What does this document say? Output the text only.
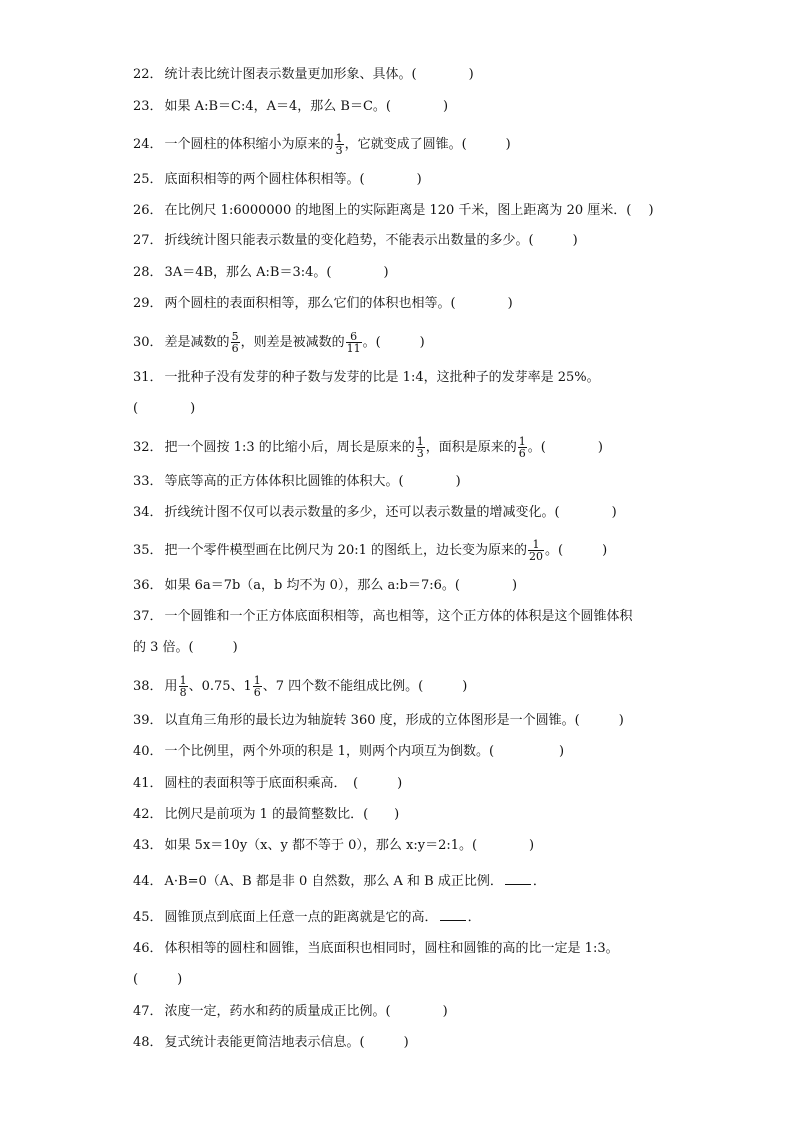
22． 统计表比统计图表示数量更加形象、具体。(　　　　)
23． 如果 A:B＝C:4，A＝4，那么 B＝C。(　　　　)
24． 一个圆柱的体积缩小为原来的 $\frac{1}{3}$ ，它就变成了圆锥。(　　　)
25． 底面积相等的两个圆柱体积相等。(　　　　)
26． 在比例尺 1:6000000 的地图上的实际距离是 120 千米，图上距离为 20 厘米．(　 )
27． 折线统计图只能表示数量的变化趋势，不能表示出数量的多少。(　　　)
28． 3A＝4B，那么 A:B＝3:4。(　　　　)
29． 两个圆柱的表面积相等，那么它们的体积也相等。(　　　　)
30． 差是减数的 $\frac{5}{6}$ ，则差是被减数的 $\frac{6}{11}$ 。(　　　)
31． 一批种子没有发芽的种子数与发芽的比是 1:4，这批种子的发芽率是 25%。
(　　　　)
32． 把一个圆按 1:3 的比缩小后，周长是原来的 $\frac{1}{3}$ ，面积是原来的 $\frac{1}{6}$ 。(　　　　)
33． 等底等高的正方体体积比圆锥的体积大。(　　　　)
34． 折线统计图不仅可以表示数量的多少，还可以表示数量的增减变化。(　　　　)
35． 把一个零件模型画在比例尺为 20:1 的图纸上，边长变为原来的 $\frac{1}{20}$ 。(　　　)
36． 如果 6a＝7b（a，b 均不为 0），那么 a:b＝7:6。(　　　　)
37． 一个圆锥和一个正方体底面积相等，高也相等，这个正方体的体积是这个圆锥体积
的 3 倍。(　　　)
38． 用 $\frac{1}{8}$ 、0.75、$1 \frac{1}{6}$ 、7 四个数不能组成比例。(　　　)
39． 以直角三角形的最长边为轴旋转 360 度，形成的立体图形是一个圆锥。(　　　)
40． 一个比例里，两个外项的积是 1，则两个内项互为倒数。(　　　　　)
41． 圆柱的表面积等于底面积乘高．　(　　　)
42． 比例尺是前项为 1 的最简整数比．(　　)
43． 如果 5x＝10y（x、y 都不等于 0），那么 x:y＝2:1。(　　　　)
44． A·B=0（A、B 都是非 0 自然数，那么 A 和 B 成正比例． ．
45． 圆锥顶点到底面上任意一点的距离就是它的高． ．
46． 体积相等的圆柱和圆锥，当底面积也相同时，圆柱和圆锥的高的比一定是 1:3。
(　　　)
47． 浓度一定，药水和药的质量成正比例。(　　　　)
48． 复式统计表能更简洁地表示信息。(　　　)
